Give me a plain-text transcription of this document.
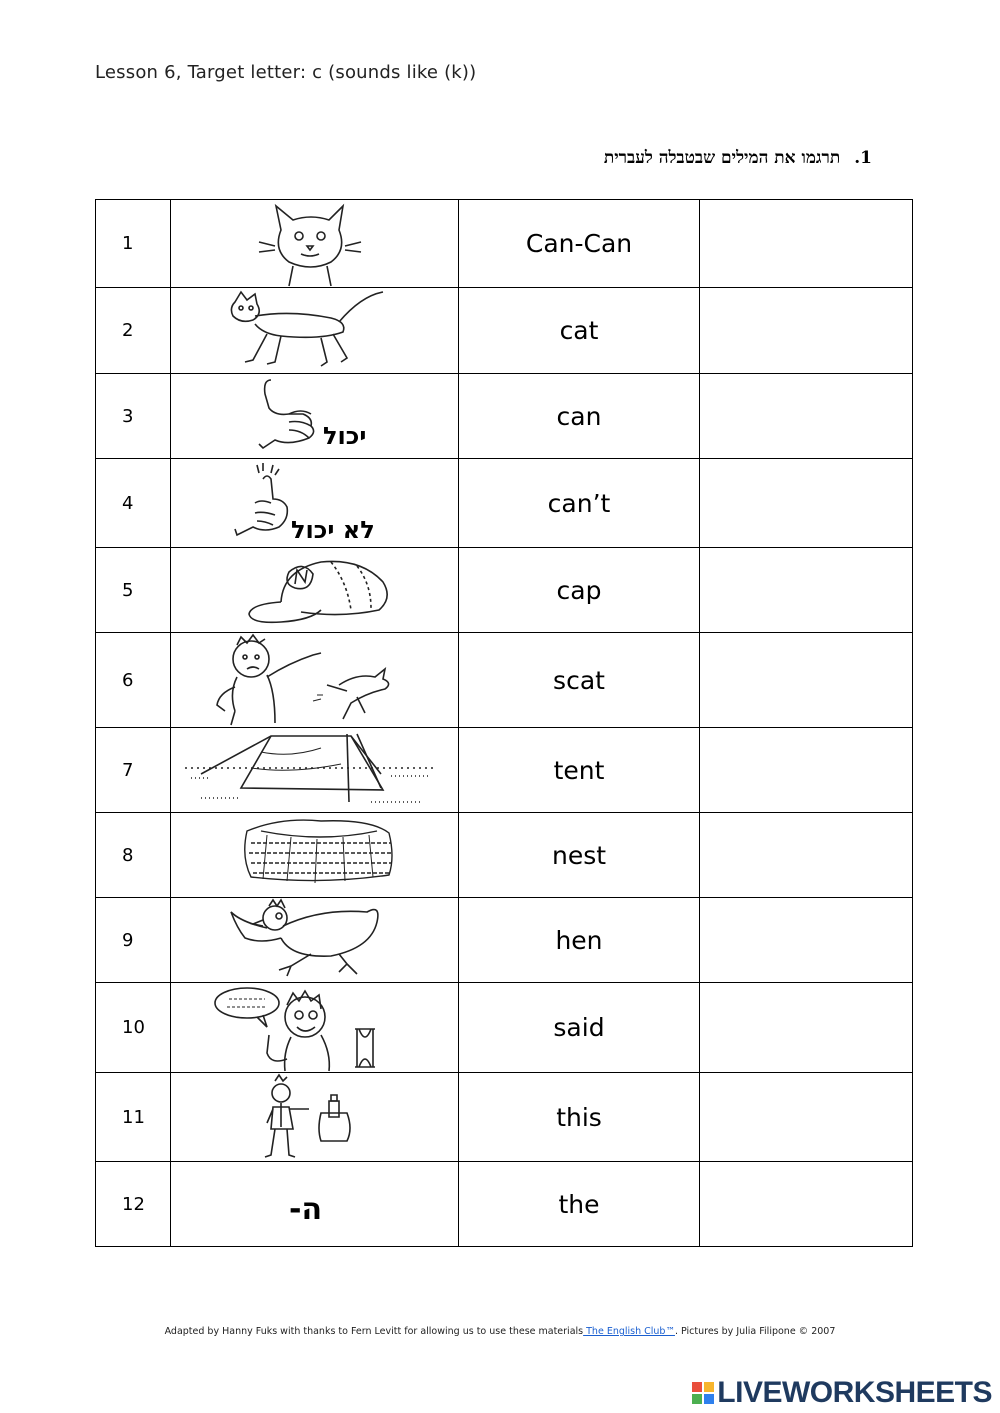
Lesson 6, Target letter: c (sounds like (k))
1.תרגמו את המילים שבטבלה לעברית
1		Can-Can	
2		cat	
3	יכול	can	
4	לא יכול	can’t	
5		cap	
6		scat	
7		tent	
8		nest	
9		hen	
10		said	
11		this	
12	ה-	the	
Adapted by Hanny Fuks with thanks to Fern Levitt for allowing us to use these materials The English Club™. Pictures by Julia Filipone © 2007
LIVEWORKSHEETS
